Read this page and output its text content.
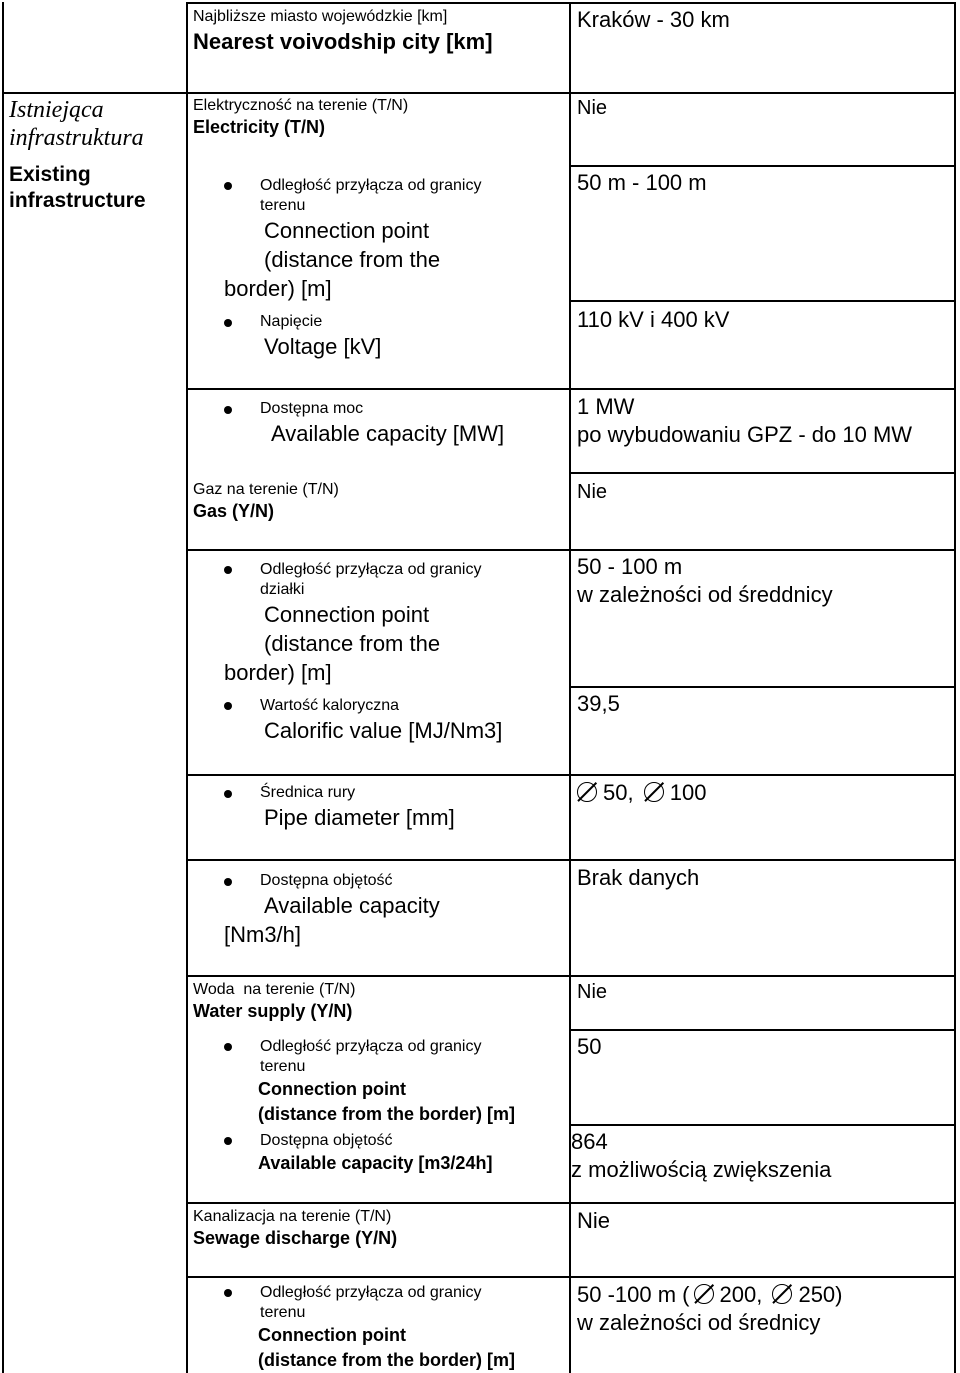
Istniejąca infrastruktura
Existing infrastructure
Najbliższe miasto wojewódzkie [km]
Nearest voivodship city [km]
Kraków - 30 km
Elektryczność na terenie (T/N)
Electricity (T/N)
Nie
Odległość przyłącza od granicy
terenu
Connection point
(distance from the
border) [m]
50 m - 100 m
Napięcie
Voltage [kV]
110 kV i 400 kV
Dostępna moc
Available capacity [MW]
1 MW
po wybudowaniu GPZ - do 10 MW
Gaz na terenie (T/N)
Gas (Y/N)
Nie
Odległość przyłącza od granicy
działki
Connection point
(distance from the
border) [m]
50 - 100 m
w zależności od średdnicy
Wartość kaloryczna
Calorific value [MJ/Nm3]
39,5
Średnica rury
Pipe diameter [mm]
50, 100
Dostępna objętość
Available capacity
[Nm3/h]
Brak danych
Woda  na terenie (T/N)
Water supply (Y/N)
Nie
Odległość przyłącza od granicy
terenu
Connection point
(distance from the border) [m]
50
Dostępna objętość
Available capacity [m3/24h]
864
z możliwością zwiększenia
Kanalizacja na terenie (T/N)
Sewage discharge (Y/N)
Nie
Odległość przyłącza od granicy
terenu
Connection point
(distance from the border) [m]
50 -100 m ( 200, 250)
w zależności od średnicy
